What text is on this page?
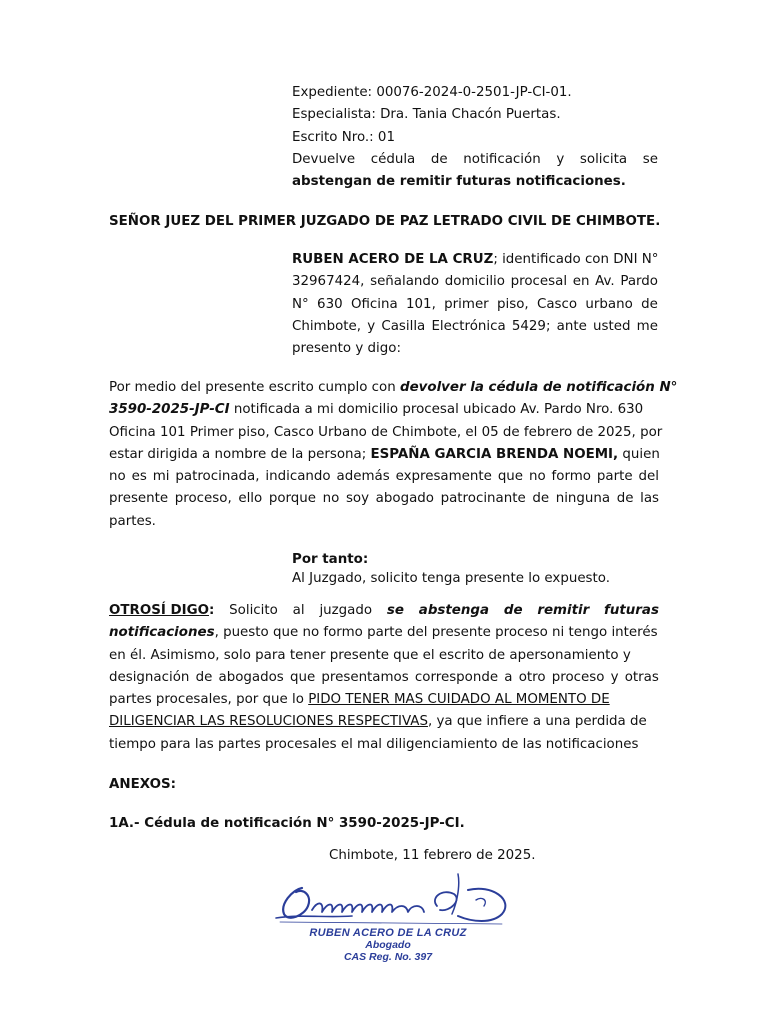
Expediente: 00076-2024-0-2501-JP-CI-01.
Especialista: Dra. Tania Chacón Puertas.
Escrito Nro.: 01
Devuelve cédula de notificación y solicita se
abstengan de remitir futuras notificaciones.
SEÑOR JUEZ DEL PRIMER JUZGADO DE PAZ LETRADO CIVIL DE CHIMBOTE.
RUBEN ACERO DE LA CRUZ; identificado con DNI N°
32967424, señalando domicilio procesal en Av. Pardo
N° 630 Oficina 101, primer piso, Casco urbano de
Chimbote, y Casilla Electrónica 5429; ante usted me
presento y digo:
Por medio del presente escrito cumplo con devolver la cédula de notificación N°
3590-2025-JP-CI notificada a mi domicilio procesal ubicado Av. Pardo Nro. 630
Oficina 101 Primer piso, Casco Urbano de Chimbote, el 05 de febrero de 2025, por
estar dirigida a nombre de la persona; ESPAÑA GARCIA BRENDA NOEMI, quien
no es mi patrocinada, indicando además expresamente que no formo parte del
presente proceso, ello porque no soy abogado patrocinante de ninguna de las
partes.
Por tanto:
Al Juzgado, solicito tenga presente lo expuesto.
OTROSÍ DIGO: Solicito al juzgado se abstenga de remitir futuras
notificaciones, puesto que no formo parte del presente proceso ni tengo interés
en él. Asimismo, solo para tener presente que el escrito de apersonamiento y
designación de abogados que presentamos corresponde a otro proceso y otras
partes procesales, por que lo PIDO TENER MAS CUIDADO AL MOMENTO DE
DILIGENCIAR LAS RESOLUCIONES RESPECTIVAS, ya que infiere a una perdida de
tiempo para las partes procesales el mal diligenciamiento de las notificaciones
ANEXOS:
1A.- Cédula de notificación N° 3590-2025-JP-CI.
Chimbote, 11 febrero de 2025.
RUBEN ACERO DE LA CRUZ
Abogado
CAS Reg. No. 397
